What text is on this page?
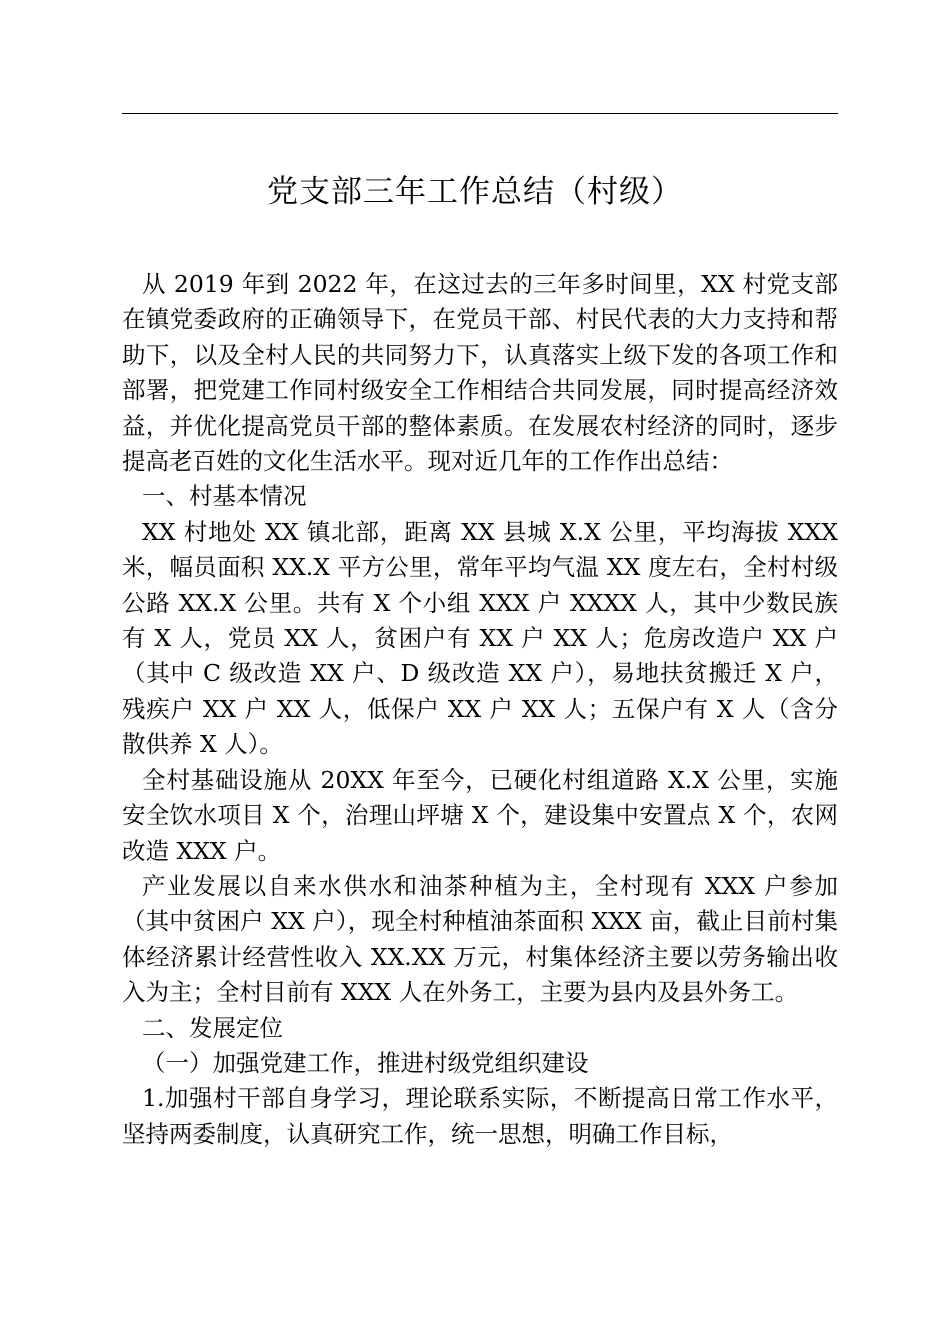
党支部三年工作总结（村级）

从 2019 年到 2022 年，在这过去的三年多时间里，XX 村党支部在镇党委政府的正确领导下，在党员干部、村民代表的大力支持和帮助下，以及全村人民的共同努力下，认真落实上级下发的各项工作和部署，把党建工作同村级安全工作相结合共同发展，同时提高经济效益，并优化提高党员干部的整体素质。在发展农村经济的同时，逐步提高老百姓的文化生活水平。现对近几年的工作作出总结：

一、村基本情况

XX 村地处 XX 镇北部，距离 XX 县城 X.X 公里，平均海拔 XXX 米，幅员面积 XX.X 平方公里，常年平均气温 XX 度左右，全村村级公路 XX.X 公里。共有 X 个小组 XXX 户 XXXX 人，其中少数民族有 X 人，党员 XX 人，贫困户有 XX 户 XX 人；危房改造户 XX 户（其中 C 级改造 XX 户、D 级改造 XX 户），易地扶贫搬迁 X 户，残疾户 XX 户 XX 人，低保户 XX 户 XX 人；五保户有 X 人（含分散供养 X 人）。

全村基础设施从 20XX 年至今，已硬化村组道路 X.X 公里，实施安全饮水项目 X 个，治理山坪塘 X 个，建设集中安置点 X 个，农网改造 XXX 户。

产业发展以自来水供水和油茶种植为主，全村现有 XXX 户参加（其中贫困户 XX 户），现全村种植油茶面积 XXX 亩，截止目前村集体经济累计经营性收入 XX.XX 万元，村集体经济主要以劳务输出收入为主；全村目前有 XXX 人在外务工，主要为县内及县外务工。

二、发展定位

（一）加强党建工作，推进村级党组织建设

1.加强村干部自身学习，理论联系实际，不断提高日常工作水平，坚持两委制度，认真研究工作，统一思想，明确工作目标，
